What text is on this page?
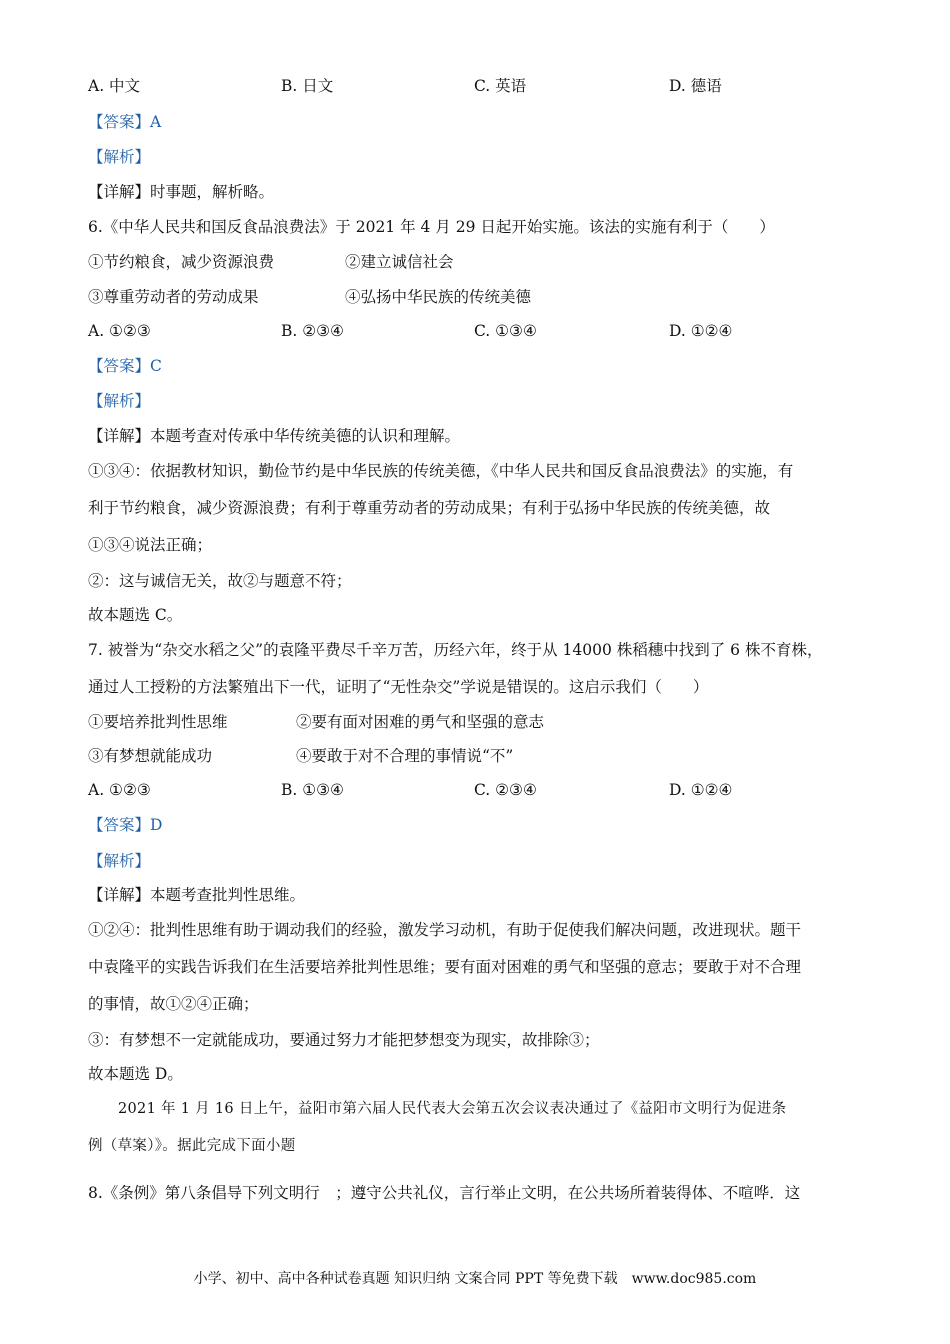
A. 中文	B. 日文	C. 英语	D. 德语
【答案】A
【解析】
【详解】时事题，解析略。
6.《中华人民共和国反食品浪费法》于 2021 年 4 月 29 日起开始实施。该法的实施有利于（　　）
①节约粮食，减少资源浪费	②建立诚信社会
③尊重劳动者的劳动成果	④弘扬中华民族的传统美德
A. ①②③	B. ②③④	C. ①③④	D. ①②④
【答案】C
【解析】
【详解】本题考查对传承中华传统美德的认识和理解。
①③④：依据教材知识，勤俭节约是中华民族的传统美德，《中华人民共和国反食品浪费法》的实施，有
利于节约粮食，减少资源浪费；有利于尊重劳动者的劳动成果；有利于弘扬中华民族的传统美德，故
①③④说法正确；
②：这与诚信无关，故②与题意不符；
故本题选 C。
7. 被誉为“杂交水稻之父”的袁隆平费尽千辛万苦，历经六年，终于从 14000 株稻穗中找到了 6 株不育株，
通过人工授粉的方法繁殖出下一代，证明了“无性杂交”学说是错误的。这启示我们（　　）
①要培养批判性思维	②要有面对困难的勇气和坚强的意志
③有梦想就能成功	④要敢于对不合理的事情说“不”
A. ①②③	B. ①③④	C. ②③④	D. ①②④
【答案】D
【解析】
【详解】本题考查批判性思维。
①②④：批判性思维有助于调动我们的经验，激发学习动机，有助于促使我们解决问题，改进现状。题干
中袁隆平的实践告诉我们在生活要培养批判性思维；要有面对困难的勇气和坚强的意志；要敢于对不合理
的事情，故①②④正确；
③：有梦想不一定就能成功，要通过努力才能把梦想变为现实，故排除③；
故本题选 D。
2021 年 1 月 16 日上午，益阳市第六届人民代表大会第五次会议表决通过了《益阳市文明行为促进条
例（草案）》。据此完成下面小题
8.《条例》第八条倡导下列文明行　；遵守公共礼仪，言行举止文明，在公共场所着装得体、不喧哗．这
小学、初中、高中各种试卷真题 知识归纳 文案合同 PPT 等免费下载　www.doc985.com
